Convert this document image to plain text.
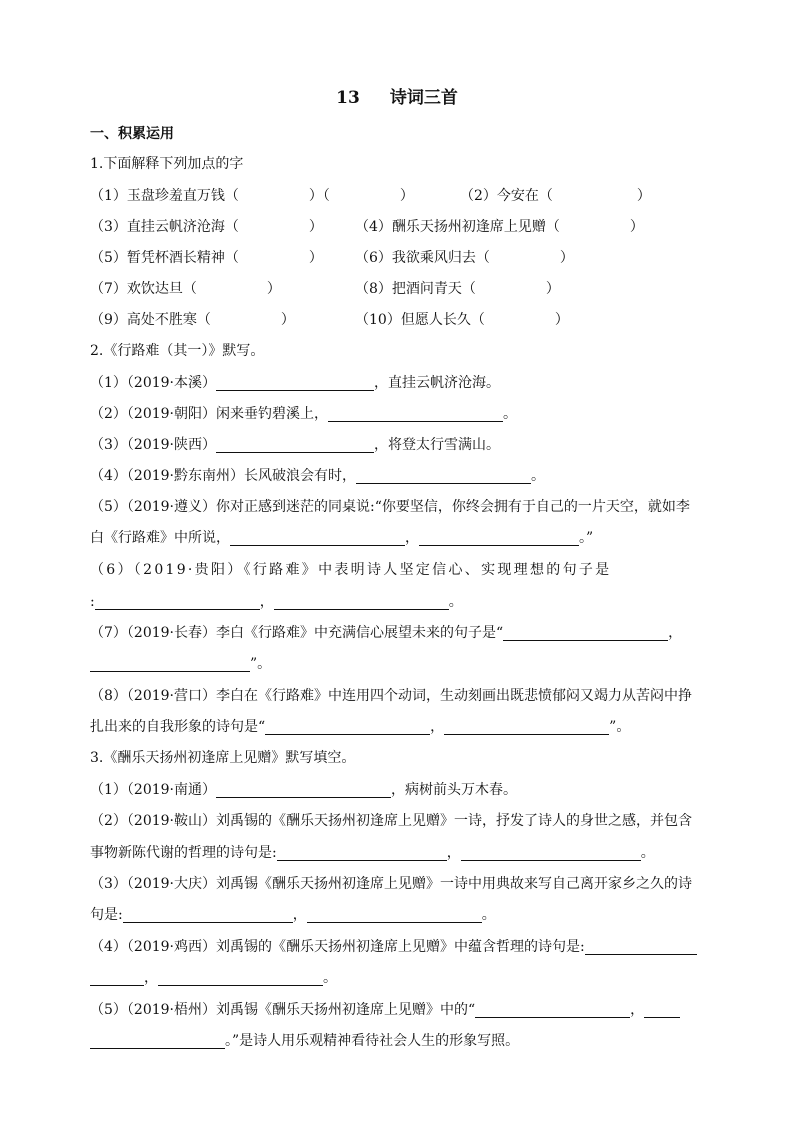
13 诗词三首
一、积累运用
1.下面解释下列加点的字
（1）玉盘珍羞直万钱（　　　　　）（　　　　　）	（2）今安在（　　　　　　）
（3）直挂云帆济沧海（　　　　　） （4）酬乐天扬州初逢席上见赠（　　　　　）
（5）暂凭杯酒长精神（　　　　　） （6）我欲乘风归去（　　　　　）
（7）欢饮达旦（　　　　　）	（8）把酒问青天（　　　　　）
（9）高处不胜寒（　　　　　）	（10）但愿人长久（　　　　　）
2.《行路难（其一）》默写。
（1）（2019·本溪）	，直挂云帆济沧海。
（2）（2019·朝阳）闲来垂钓碧溪上，	。
（3）（2019·陕西）	，将登太行雪满山。
（4）（2019·黔东南州）长风破浪会有时，	。
（5）（2019·遵义）你对正感到迷茫的同桌说:“你要坚信，你终会拥有于自己的一片天空，就如李
白《行路难》中所说，	，	。”
（6）（2019·贵阳）《行路难》中表明诗人坚定信心、实现理想的句子是
:	，	。
（7）（2019·长春）李白《行路难》中充满信心展望未来的句子是“	，
”。
（8）（2019·营口）李白在《行路难》中连用四个动词，生动刻画出既悲愤郁闷又竭力从苦闷中挣
扎出来的自我形象的诗句是“	，	”。
3.《酬乐天扬州初逢席上见赠》默写填空。
（1）（2019·南通）	，病树前头万木春。
（2）（2019·鞍山）刘禹锡的《酬乐天扬州初逢席上见赠》一诗，抒发了诗人的身世之感，并包含
事物新陈代谢的哲理的诗句是:	，	。
（3）（2019·大庆）刘禹锡《酬乐天扬州初逢席上见赠》一诗中用典故来写自己离开家乡之久的诗
句是:	，	。
（4）（2019·鸡西）刘禹锡的《酬乐天扬州初逢席上见赠》中蕴含哲理的诗句是:
，	。
（5）（2019·梧州）刘禹锡《酬乐天扬州初逢席上见赠》中的“	，
。”是诗人用乐观精神看待社会人生的形象写照。
